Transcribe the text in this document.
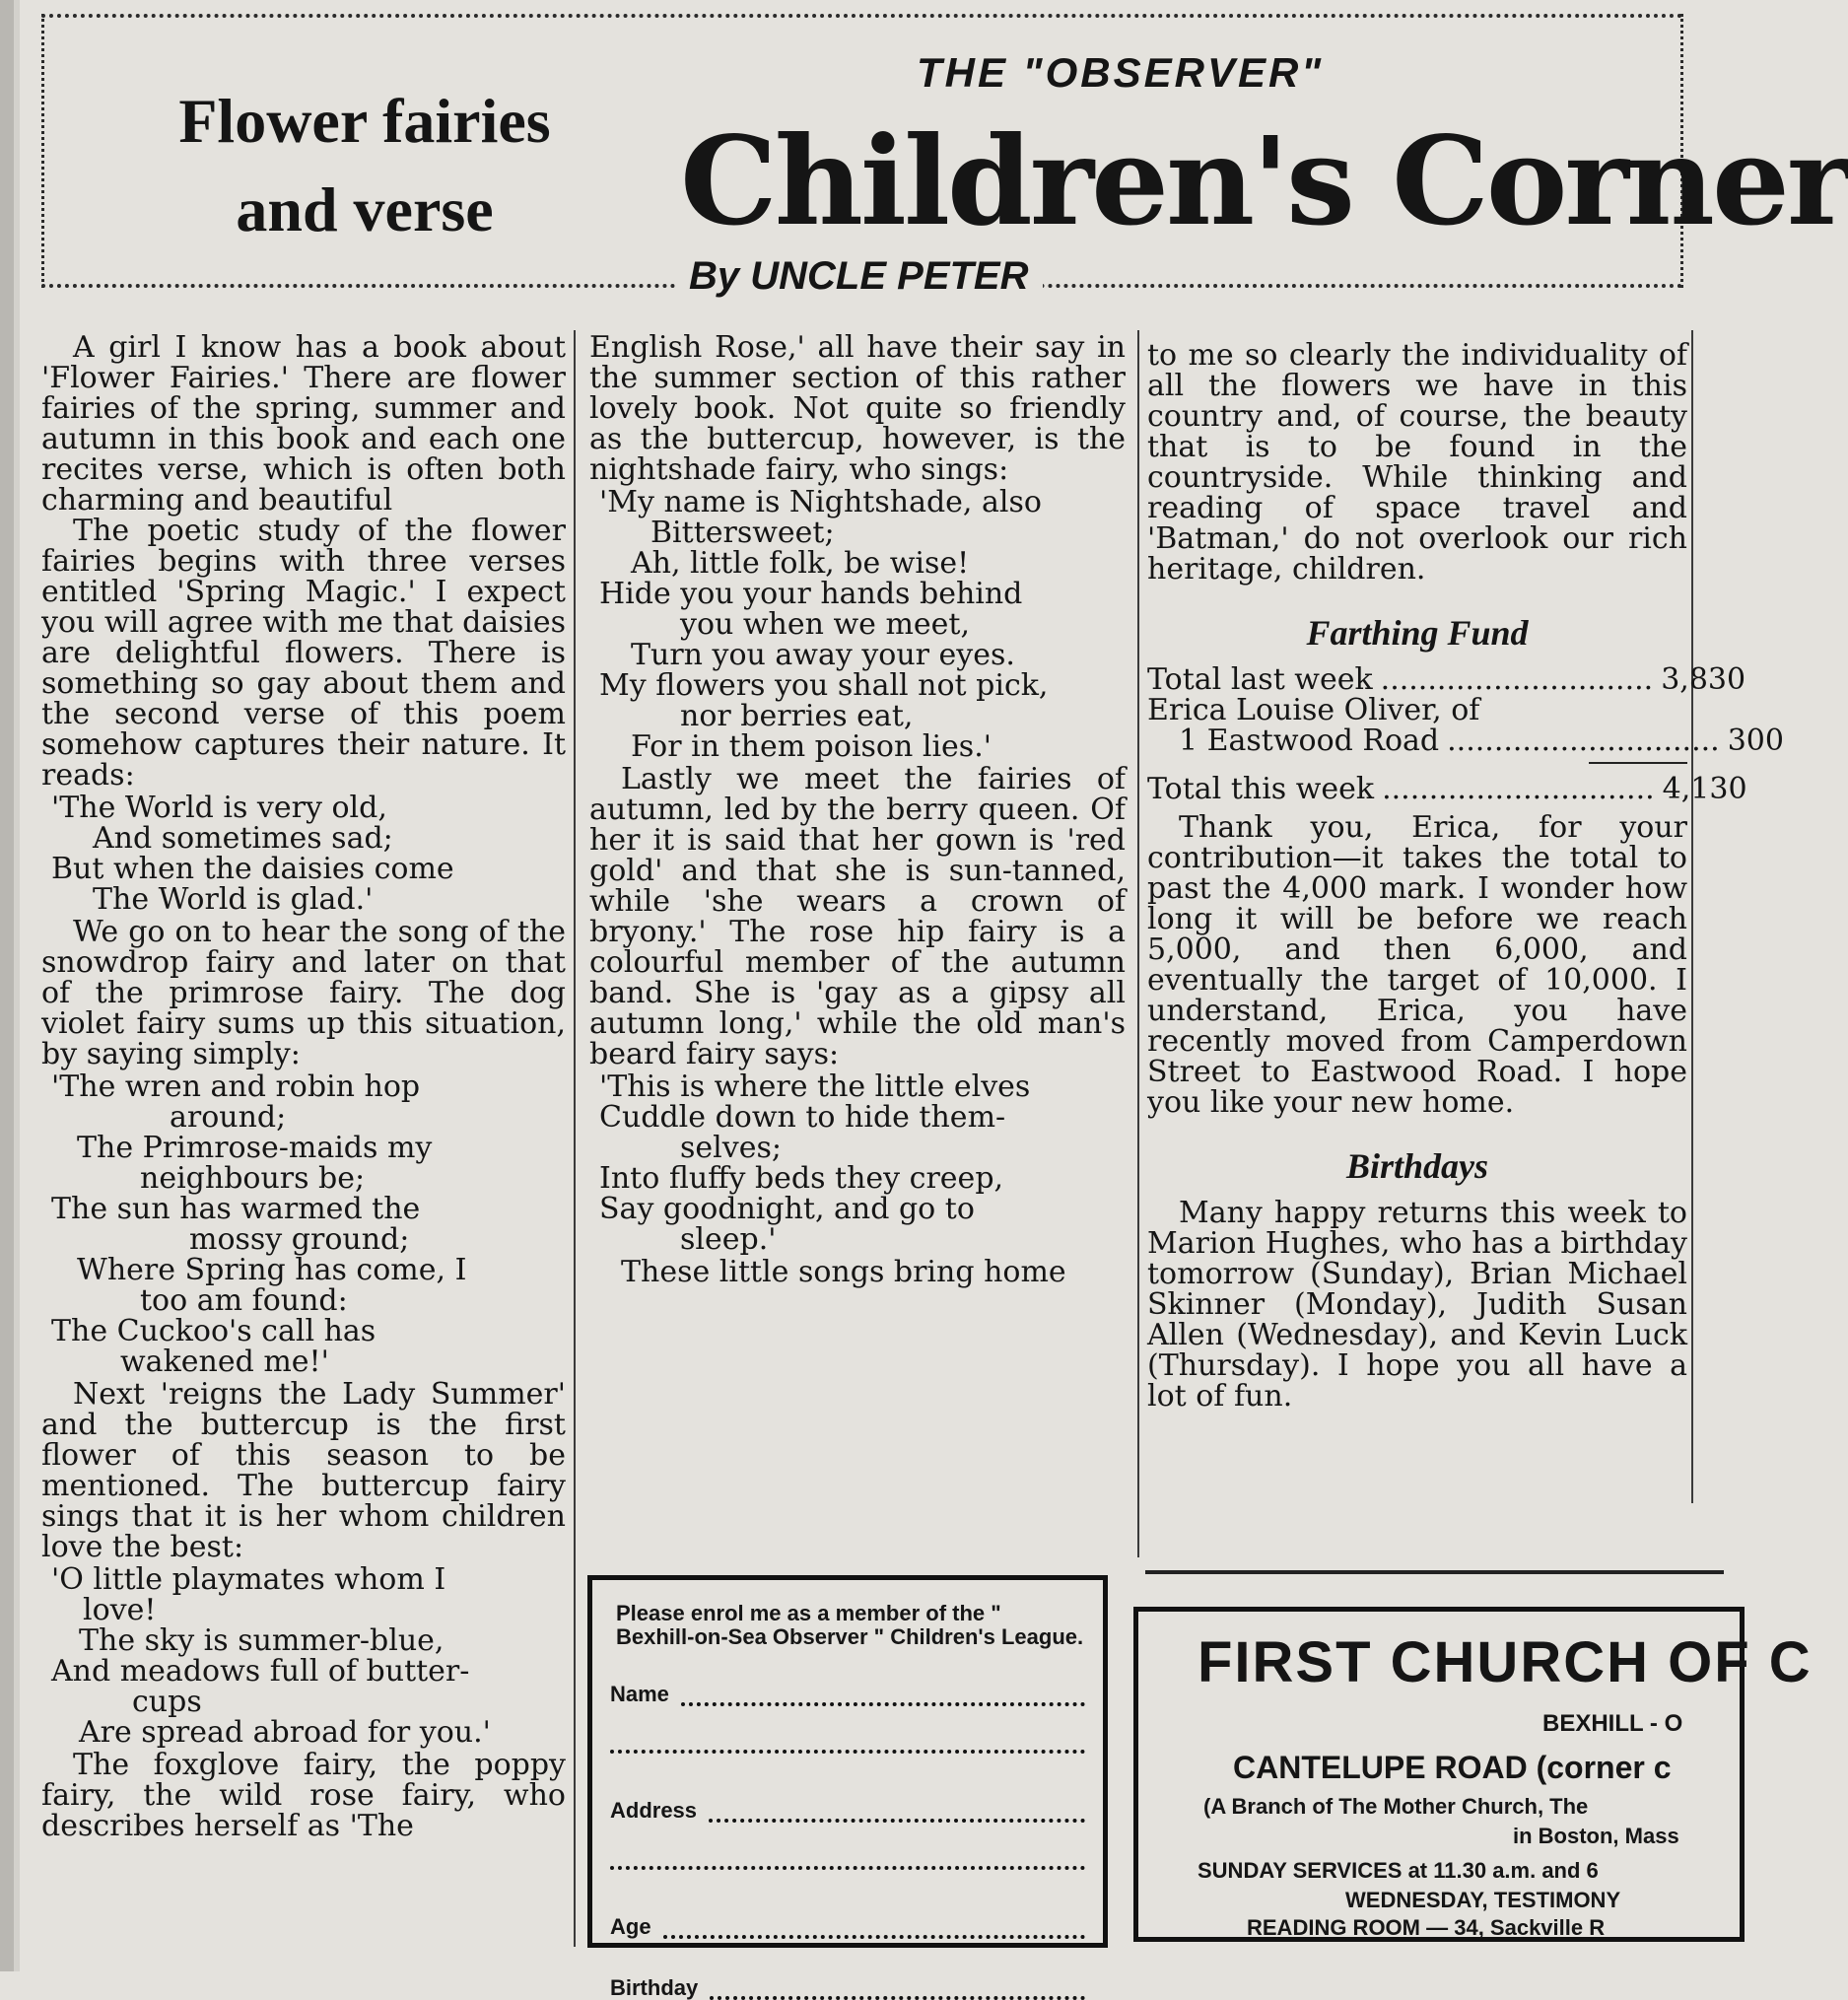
Flower fairies
and verse
THE "OBSERVER"
Children's Corner
By UNCLE PETER

A girl I know has a book about 'Flower Fairies.' There are flower fairies of the spring, summer and autumn in this book and each one recites verse, which is often both charming and beautiful

The poetic study of the flower fairies begins with three verses entitled 'Spring Magic.' I expect you will agree with me that daisies are delightful flowers. There is something so gay about them and the second verse of this poem somehow captures their nature. It reads:

'The World is very old,
And sometimes sad;
But when the daisies come
The World is glad.'

We go on to hear the song of the snowdrop fairy and later on that of the primrose fairy. The dog violet fairy sums up this situation, by saying simply:

'The wren and robin hop
around;
The Primrose-maids my
neighbours be;
The sun has warmed the
mossy ground;
Where Spring has come, I
too am found:
The Cuckoo's call has
wakened me!'

Next 'reigns the Lady Summer' and the buttercup is the first flower of this season to be mentioned. The buttercup fairy sings that it is her whom children love the best:

'O little playmates whom I
love!
The sky is summer-blue,
And meadows full of butter-
cups
Are spread abroad for you.'

The foxglove fairy, the poppy fairy, the wild rose fairy, who describes herself as 'The

English Rose,' all have their say in the summer section of this rather lovely book. Not quite so friendly as the buttercup, however, is the nightshade fairy, who sings:

'My name is Nightshade, also
Bittersweet;
Ah, little folk, be wise!
Hide you your hands behind
you when we meet,
Turn you away your eyes.
My flowers you shall not pick,
nor berries eat,
For in them poison lies.'

Lastly we meet the fairies of autumn, led by the berry queen. Of her it is said that her gown is 'red gold' and that she is sun-tanned, while 'she wears a crown of bryony.' The rose hip fairy is a colourful member of the autumn band. She is 'gay as a gipsy all autumn long,' while the old man's beard fairy says:

'This is where the little elves
Cuddle down to hide them-
selves;
Into fluffy beds they creep,
Say goodnight, and go to
sleep.'

These little songs bring home

to me so clearly the individuality of all the flowers we have in this country and, of course, the beauty that is to be found in the countryside. While thinking and reading of space travel and 'Batman,' do not overlook our rich heritage, children.

Farthing Fund
Total last week ............................. 3,830
Erica Louise Oliver, of
1 Eastwood Road ............................. 300
Total this week ............................. 4,130

Thank you, Erica, for your contribution—it takes the total to past the 4,000 mark. I wonder how long it will be before we reach 5,000, and then 6,000, and eventually the target of 10,000. I understand, Erica, you have recently moved from Camperdown Street to Eastwood Road. I hope you like your new home.

Birthdays

Many happy returns this week to Marion Hughes, who has a birthday tomorrow (Sunday), Brian Michael Skinner (Monday), Judith Susan Allen (Wednesday), and Kevin Luck (Thursday). I hope you all have a lot of fun.

Please enrol me as a member of the " Bexhill-on-Sea Observer " Children's League.
Name
Address
Age
Birthday
FIRST CHURCH OF C
BEXHILL - O
CANTELUPE ROAD (corner c
(A Branch of The Mother Church, The
in Boston, Mass
SUNDAY SERVICES at 11.30 a.m. and 6
WEDNESDAY, TESTIMONY
READING ROOM — 34, Sackville R
